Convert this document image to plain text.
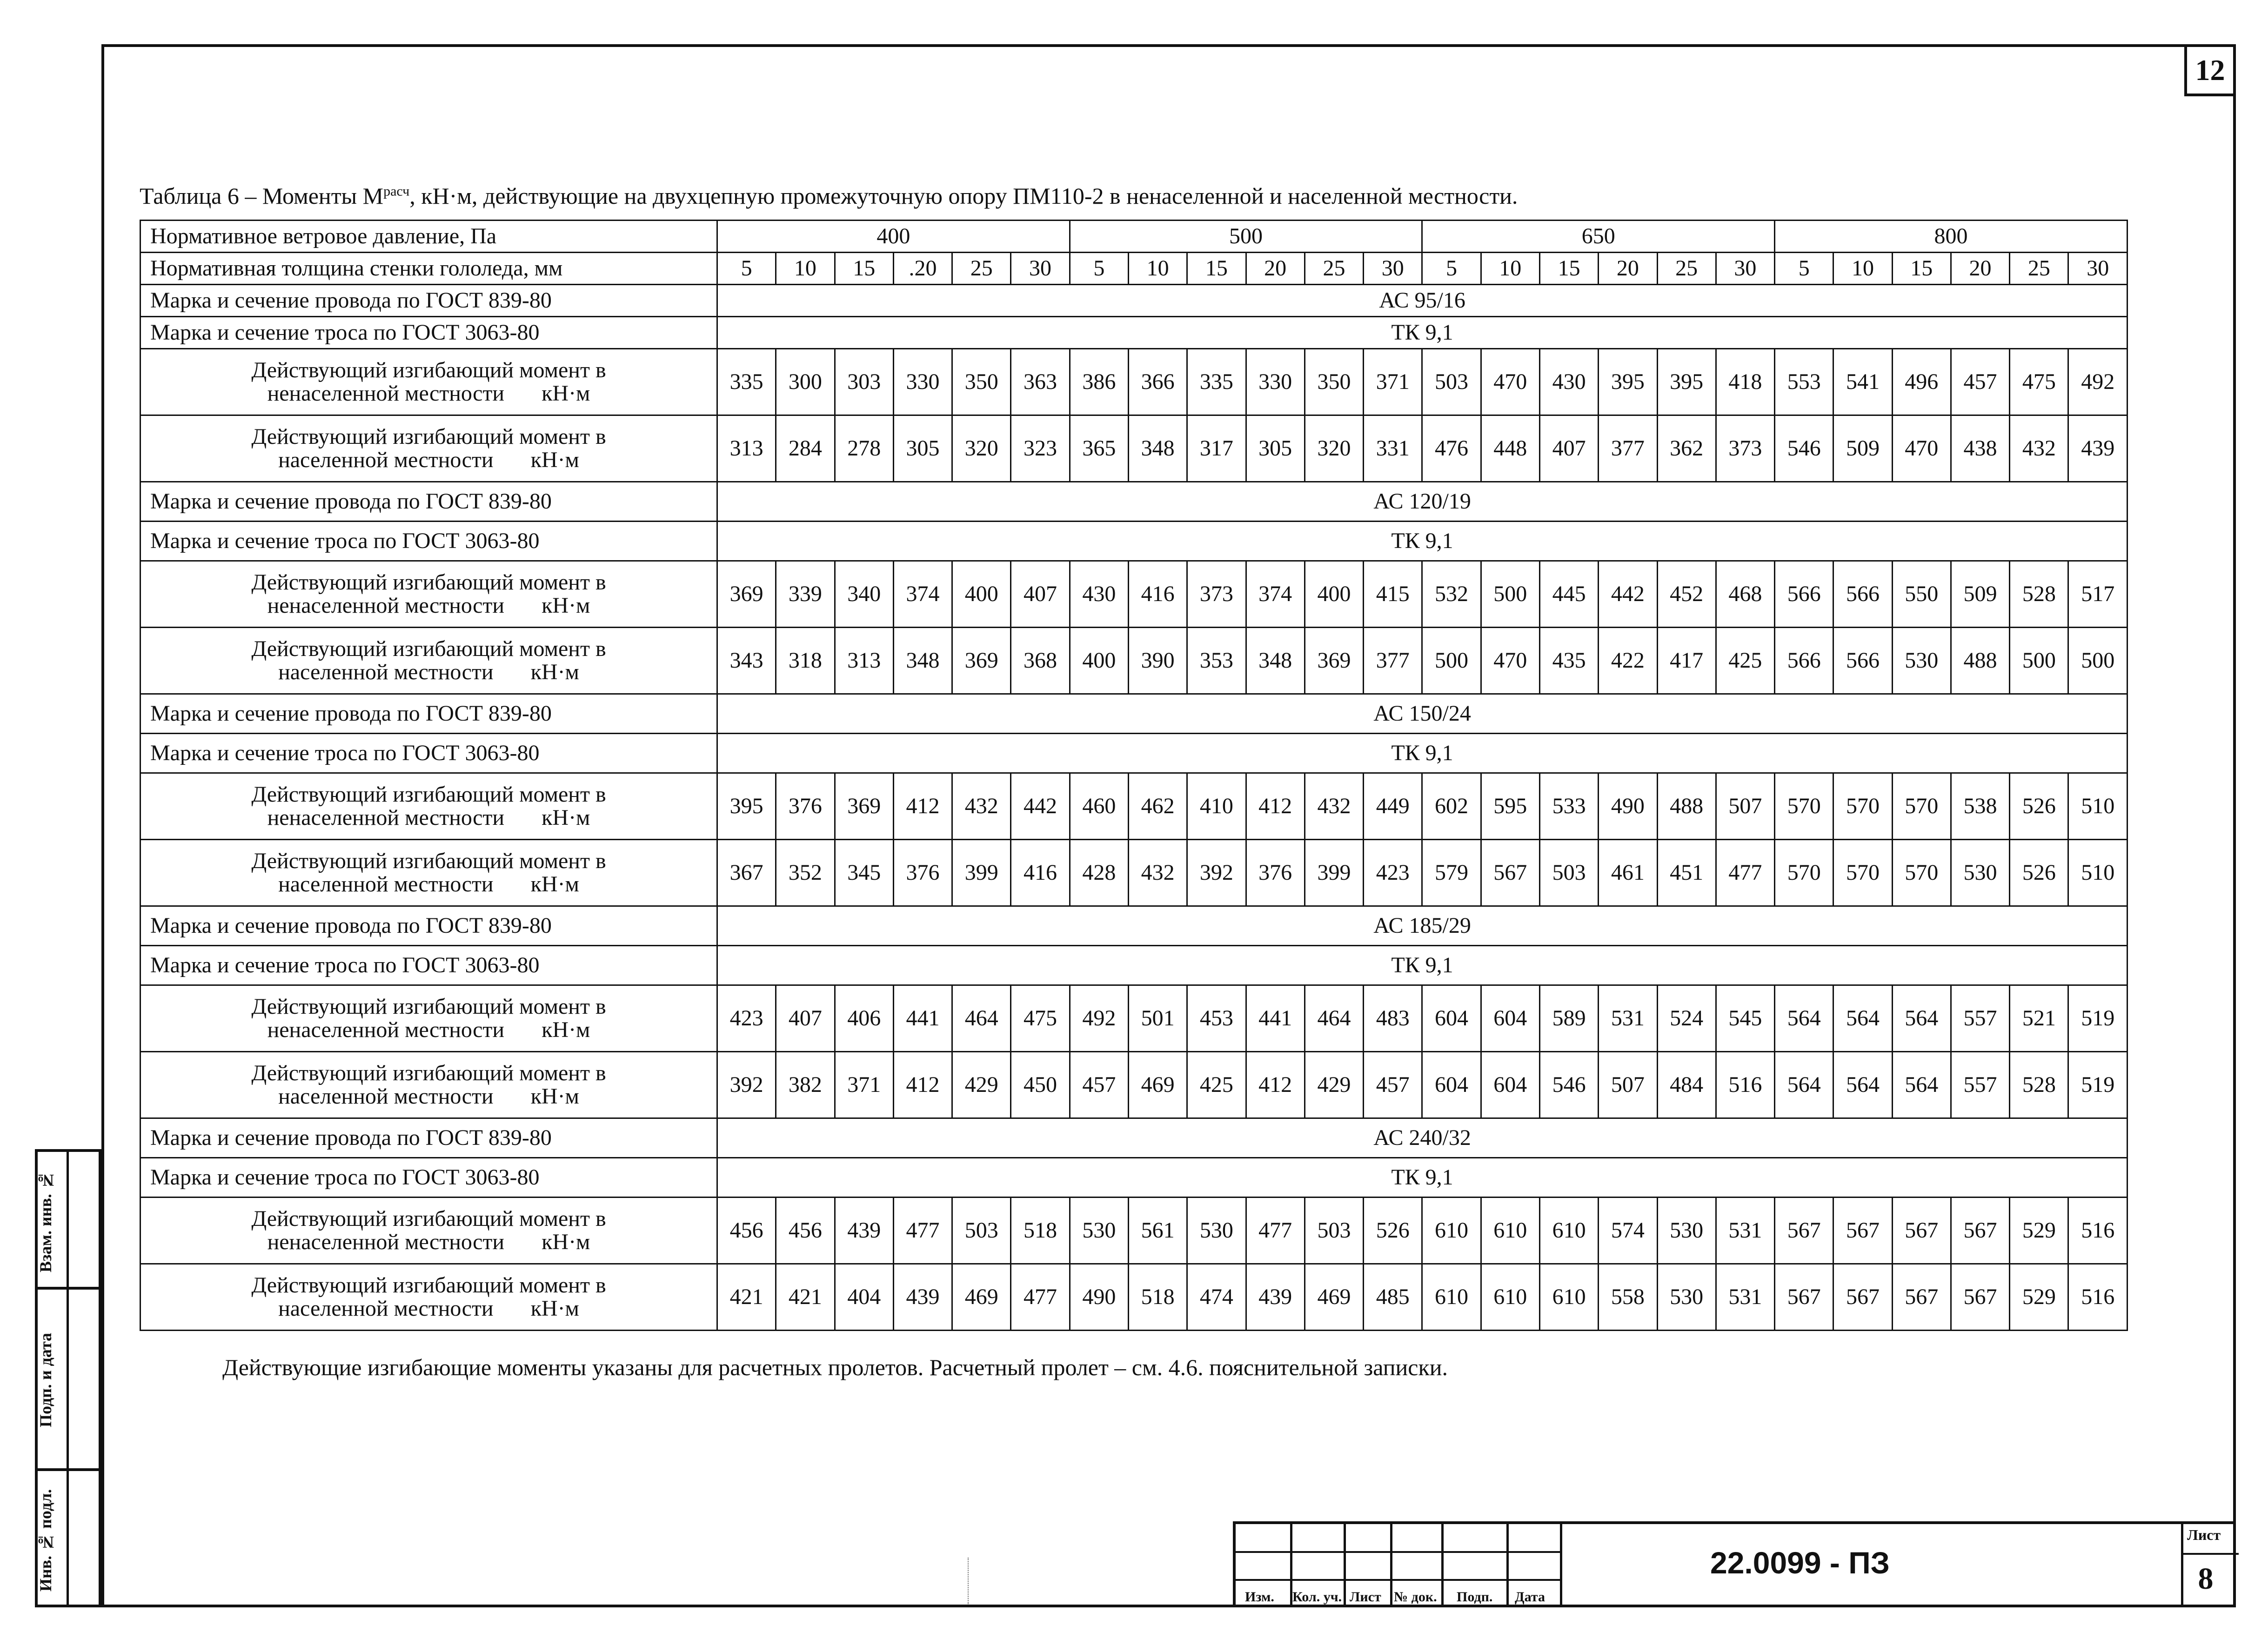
12
Взам. инв. №
Подп. и дата
Инв. № подл.
Таблица 6 – Моменты $M^{расч}$, кН·м, действующие на двухцепную промежуточную опору ПМ110-2 в ненаселенной и населенной местности.
Нормативное ветровое давление, Па	400						500						650						800					
Нормативная толщина стенки гололеда, мм	5	10	15	.20	25	30	5	10	15	20	25	30	5	10	15	20	25	30	5	10	15	20	25	30
Марка и сечение провода по ГОСТ 839-80	АС 95/16																							
Марка и сечение троса по ГОСТ 3063-80	ТК 9,1																							

Действующий изгибающий момент в
ненаселенной местности кН·м	335	300	303	330	350	363	386	366	335	330	350	371	503	470	430	395	395	418	553	541	496	457	475	492

Действующий изгибающий момент в
населенной местности кН·м	313	284	278	305	320	323	365	348	317	305	320	331	476	448	407	377	362	373	546	509	470	438	432	439
Марка и сечение провода по ГОСТ 839-80	АС 120/19																							
Марка и сечение троса по ГОСТ 3063-80	ТК 9,1																							

Действующий изгибающий момент в
ненаселенной местности кН·м	369	339	340	374	400	407	430	416	373	374	400	415	532	500	445	442	452	468	566	566	550	509	528	517

Действующий изгибающий момент в
населенной местности кН·м	343	318	313	348	369	368	400	390	353	348	369	377	500	470	435	422	417	425	566	566	530	488	500	500
Марка и сечение провода по ГОСТ 839-80	АС 150/24																							
Марка и сечение троса по ГОСТ 3063-80	ТК 9,1																							

Действующий изгибающий момент в
ненаселенной местности кН·м	395	376	369	412	432	442	460	462	410	412	432	449	602	595	533	490	488	507	570	570	570	538	526	510

Действующий изгибающий момент в
населенной местности кН·м	367	352	345	376	399	416	428	432	392	376	399	423	579	567	503	461	451	477	570	570	570	530	526	510
Марка и сечение провода по ГОСТ 839-80	АС 185/29																							
Марка и сечение троса по ГОСТ 3063-80	ТК 9,1																							

Действующий изгибающий момент в
ненаселенной местности кН·м	423	407	406	441	464	475	492	501	453	441	464	483	604	604	589	531	524	545	564	564	564	557	521	519

Действующий изгибающий момент в
населенной местности кН·м	392	382	371	412	429	450	457	469	425	412	429	457	604	604	546	507	484	516	564	564	564	557	528	519
Марка и сечение провода по ГОСТ 839-80	АС 240/32																							
Марка и сечение троса по ГОСТ 3063-80	ТК 9,1																							

Действующий изгибающий момент в
ненаселенной местности кН·м	456	456	439	477	503	518	530	561	530	477	503	526	610	610	610	574	530	531	567	567	567	567	529	516

Действующий изгибающий момент в
населенной местности кН·м	421	421	404	439	469	477	490	518	474	439	469	485	610	610	610	558	530	531	567	567	567	567	529	516
Действующие изгибающие моменты указаны для расчетных пролетов. Расчетный пролет – см. 4.6. пояснительной записки.
Изм. Кол. уч. Лист № док. Подп. Дата
22.0099 - ПЗ
Лист
8
